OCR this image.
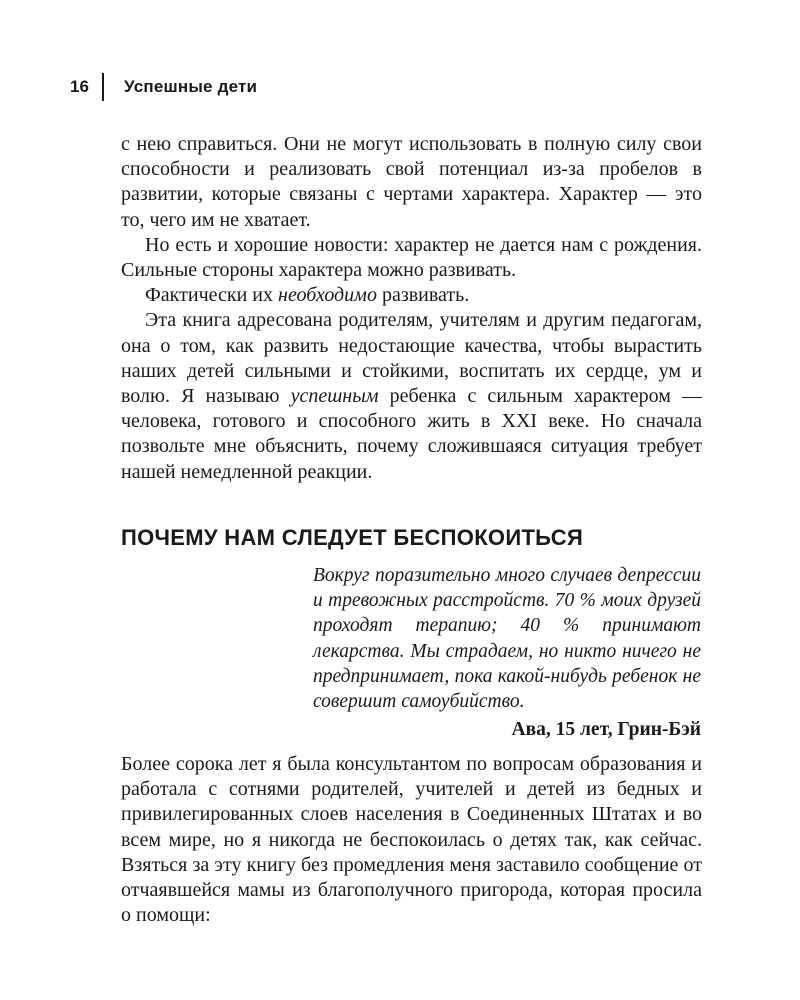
16	Успешные дети

с нею справиться. Они не могут использовать в полную силу свои способности и реализовать свой потенциал из-за пробелов в развитии, которые связаны с чертами характера. Характер — это то, чего им не хватает.

Но есть и хорошие новости: характер не дается нам с рождения. Сильные стороны характера можно развивать.

Фактически их необходимо развивать.

Эта книга адресована родителям, учителям и другим педагогам, она о том, как развить недостающие качества, чтобы вырастить наших детей сильными и стойкими, воспитать их сердце, ум и волю. Я называю успешным ребенка с сильным характером — человека, готового и способного жить в XXI веке. Но сначала позвольте мне объяснить, почему сложившаяся ситуация требует нашей немедленной реакции.

ПОЧЕМУ НАМ СЛЕДУЕТ БЕСПОКОИТЬСЯ

Вокруг поразительно много случаев депрессии и тревожных расстройств. 70 % моих друзей проходят терапию; 40 % принимают лекарства. Мы страдаем, но никто ничего не предпринимает, пока какой-нибудь ребенок не совершит самоубийство.

Ава, 15 лет, Грин-Бэй

Более сорока лет я была консультантом по вопросам образования и работала с сотнями родителей, учителей и детей из бедных и привилегированных слоев населения в Соединенных Штатах и во всем мире, но я никогда не беспокоилась о детях так, как сейчас. Взяться за эту книгу без промедления меня заставило сообщение от отчаявшейся мамы из благополучного пригорода, которая просила о помощи:
